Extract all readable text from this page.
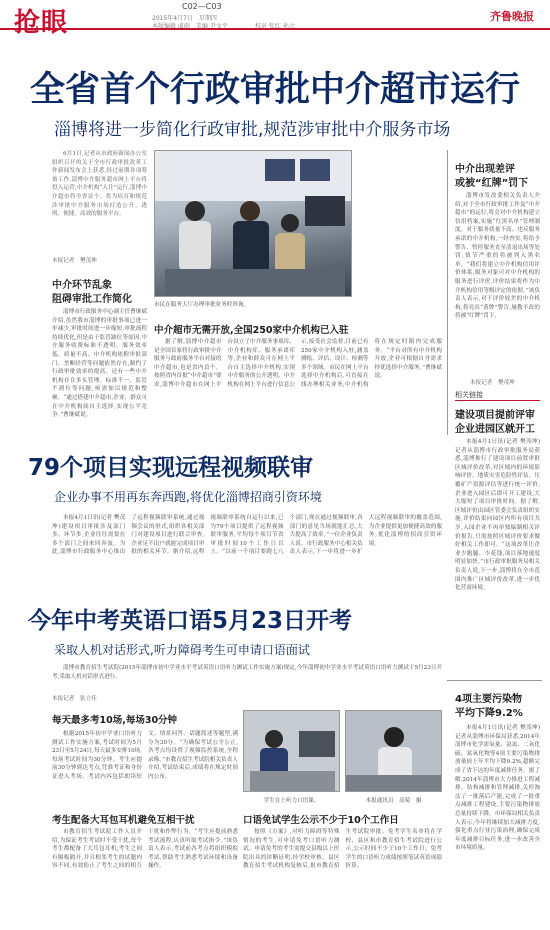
抢眼
C02—C03
2015年4月7日　星期四
本版编辑 戚雨　美编 尹文平	校对 张红 孙立
齐鲁晚报
全省首个行政审批中介超市运行
淄博将进一步简化行政审批,规范涉审批中介服务市场
6月1日,记者从市政府新闻办公室组织召开的关于全市行政审批改革工作新闻发布会上获悉,经过前期各项筹备工作,淄博中介服务超市网上平台将投入运营,中介机构“入住”运行,淄博中介超市将全省首个。将为培育和规范涉审批中介服务市场打造公开、透明、便捷、高效的服务平台。
本报记者　樊茂坤
市民在服务大厅办理审批业务时咨询。
中介环节乱象
阻碍审批工作简化
淄博市行政服务中心副主任曹继斌介绍,虽然我市淄博的审批事项已进一步减少,审批时间进一步缩短,审批流程持续优化,但是由于监管缺位等原因,中介服务收费标准不透明、服务效率低、质量不高、中介机构依附审批部门、垄断经营等问题依然存在,制约了行政审批效率的提高。还有一些中介机构存在多头管理、标准不一、监管不到位等问题,亟需加以规范和整顿。“通过搭建中介超市,企业、群众可在中介机构间自主选择,实现公平竞争。”曹继斌说。
中介超市无需开放,全国250家中介机构已入驻
据了解,淄博中介超市是全国首家将行政审批中介服务与政府服务平台对接的中介超市,也是省内首个。按照省内首批“中介超市”要求,淄博中介超市在网上平台设立了中介服务事项库、中介机构库、服务承诺库等,企业和群众可在网上平台自主选择中介机构,实现中介服务的公开透明。中介机构在网上平台进行信息公示,接受社会监督,目前已有250家中介机构入驻,涵盖测绘、评估、设计、检测等多个领域。市民在网上平台选择中介机构后,可直接在线办理相关业务,中介机构将在规定时限内完成服务。“平台对所有中介机构开放,企业可根据自身需求择优选择中介服务。”曹继斌说。
中介出现差评
或被“红牌”罚下
淄博市发改委相关负责人介绍,对于全市行政审批工作及“中介超市”的运行,将会对中介机构建立信用档案,实施“红黑名单”管理制度。对于服务质量不高、违反服务承诺的中介机构,一经查实,将给予警告、暂停服务直至清退出场等处罚,情节严重的将被列入黑名单。“我们将建立中介机构信用评价体系,服务对象可对中介机构的服务进行评价,评价结果将作为中介机构信用等级评定的依据。”该负责人表示,对于评价较差的中介机构,将亮出“黄牌”警告,屡教不改的将被“红牌”罚下。
本报记者　樊茂坤
相关链接
建设项目提前评审
企业进园区就开工
本报4月1日讯(记者 樊茂坤)记者从淄博市行政审批服务局获悉,淄博推行了建设项目前置审批区域评价改革,对区域内的环境影响评价、地质灾害危险性评估、压覆矿产资源评估等进行统一评价,企业进入园区后即可开工建设,大大缩短了项目审批时间。据了解,区域评价由园区管委会负责组织实施,评价结果向园区内所有项目共享,入园企业不再单独编制相关评价报告,只需按照区域评价要求做好相关工作即可。“这项改革让企业少跑腿、少花钱,项目落地速度明显加快。”市行政审批服务局相关负责人说,下一步,淄博将在全市范围内推广区域评价改革,进一步优化营商环境。
79个项目实现远程视频联审
企业办事不用再东奔西跑,将优化淄博招商引资环境
本报4月1日讯(记者 樊茂坤)建设项目审批涉及部门多、环节多,企业往往需要在多个部门之间来回奔波。为此,淄博市行政服务中心推出了远程视频联审系统,通过视频会议的形式,组织各相关部门对建设项目进行联合审查,企业足不出户就能完成项目审批的相关环节。据介绍,远程视频联审系统自运行以来,已为79个项目提供了远程视频联审服务,平均每个项目节省审批时间10个工作日以上。“以前一个项目要跑七八个部门,现在通过视频联审,各部门的意见当场就能汇总,大大提高了效率。”一位企业负责人说。市行政服务中心相关负责人表示,下一步将进一步扩大远程视频联审的覆盖范围,为企业提供更加便捷高效的服务,优化淄博的招商引资环境。
今年中考英语口语5月23日开考
采取人机对话形式,听力障碍考生可申请口语面试
淄博市教育招生考试院(2015年淄博市初中学业水平考试英语口语听力测试工作实施方案)规定,今年淄博初中学业水平考试英语口语听力测试于5月23日开考,采取人机对话形式进行。
本报记者　张立佳
每天最多考10场,每场30分钟
根据2015年初中学业口语听力测试工作实施方案,考试时间为5月23日至5月24日,每天最多安排10场,每场考试时间为30分钟。考生应提前30分钟到达考点,凭准考证和身份证进入考场。考试内容包括朗读短文、情景问答、话题简述等题型,满分为30分。“为确保考试公平公正,各考点均设置了视频监控系统,全程录像。”市教育招生考试院相关负责人介绍,考试结束后,成绩将在规定时间内公布。
学生在上听力口语课。	本报通讯员　高菊　摄
考生配备大耳包耳机避免互相干扰
市教育招生考试院工作人员介绍,为保证考生考试时不受干扰,每个考生都配备了大耳包耳机,考生之间有隔板隔开,并且相邻考生的试题内容不同,有效防止了考生之间的相互干扰和作弊行为。“考生应提前熟悉考试流程,认真听取考试指令。”该负责人表示,考试前各考点将组织模拟考试,帮助考生熟悉考试环境和设备操作。
口语免试学生公示不少于10个工作日
按照《方案》,对听力障碍等特殊情况的考生,可申请免考口语听力测试。申请免考的考生需提交县级以上医院出具的诊断证明,经学校审核、县区教育招生考试机构复核后,报市教育招生考试院审批。免考学生名单将在学校、县区和市教育招生考试院进行公示,公示时间不少于10个工作日。免考学生的口语听力成绩按照笔试英语成绩折算。
4项主要污染物
平均下降9.2%
本报4月1日讯(记者 樊茂坤)记者从淄博市环保局获悉,2014年淄博市化学需氧量、氨氮、二氧化硫、氮氧化物等4项主要污染物排放量较上年平均下降9.2%,超额完成了省下达的年度减排任务。据了解,2014年淄博市大力推进工程减排、结构减排和管理减排,关停淘汰了一批落后产能,完成了一批重点减排工程建设,主要污染物排放总量持续下降。市环保局相关负责人表示,今年将继续加大减排力度,强化重点行业污染治理,确保完成年度减排目标任务,进一步改善全市环境质量。
